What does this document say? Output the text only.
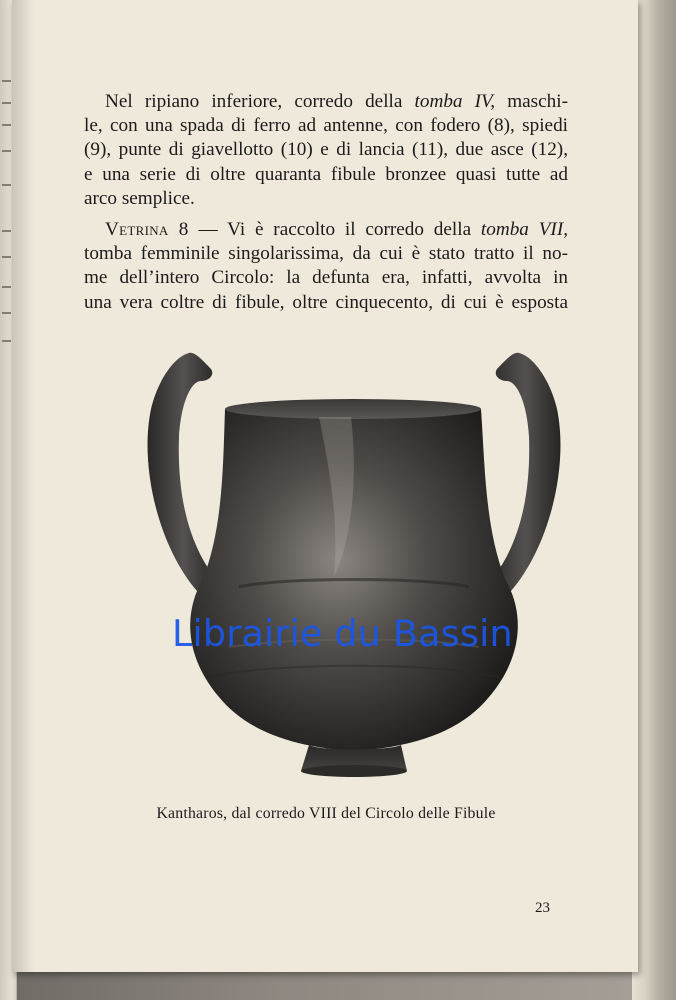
Nel ripiano inferiore, corredo della tomba IV, maschi-
le, con una spada di ferro ad antenne, con fodero (8), spiedi
(9), punte di giavellotto (10) e di lancia (11), due asce (12),
e una serie di oltre quaranta fibule bronzee quasi tutte ad
arco semplice.

Vetrina 8 — Vi è raccolto il corredo della tomba VII,
tomba femminile singolarissima, da cui è stato tratto il no-
me dell’intero Circolo: la defunta era, infatti, avvolta in
una vera coltre di fibule, oltre cinquecento, di cui è esposta

Kantharos, dal corredo VIII del Circolo delle Fibule
23
Librairie du Bassin
